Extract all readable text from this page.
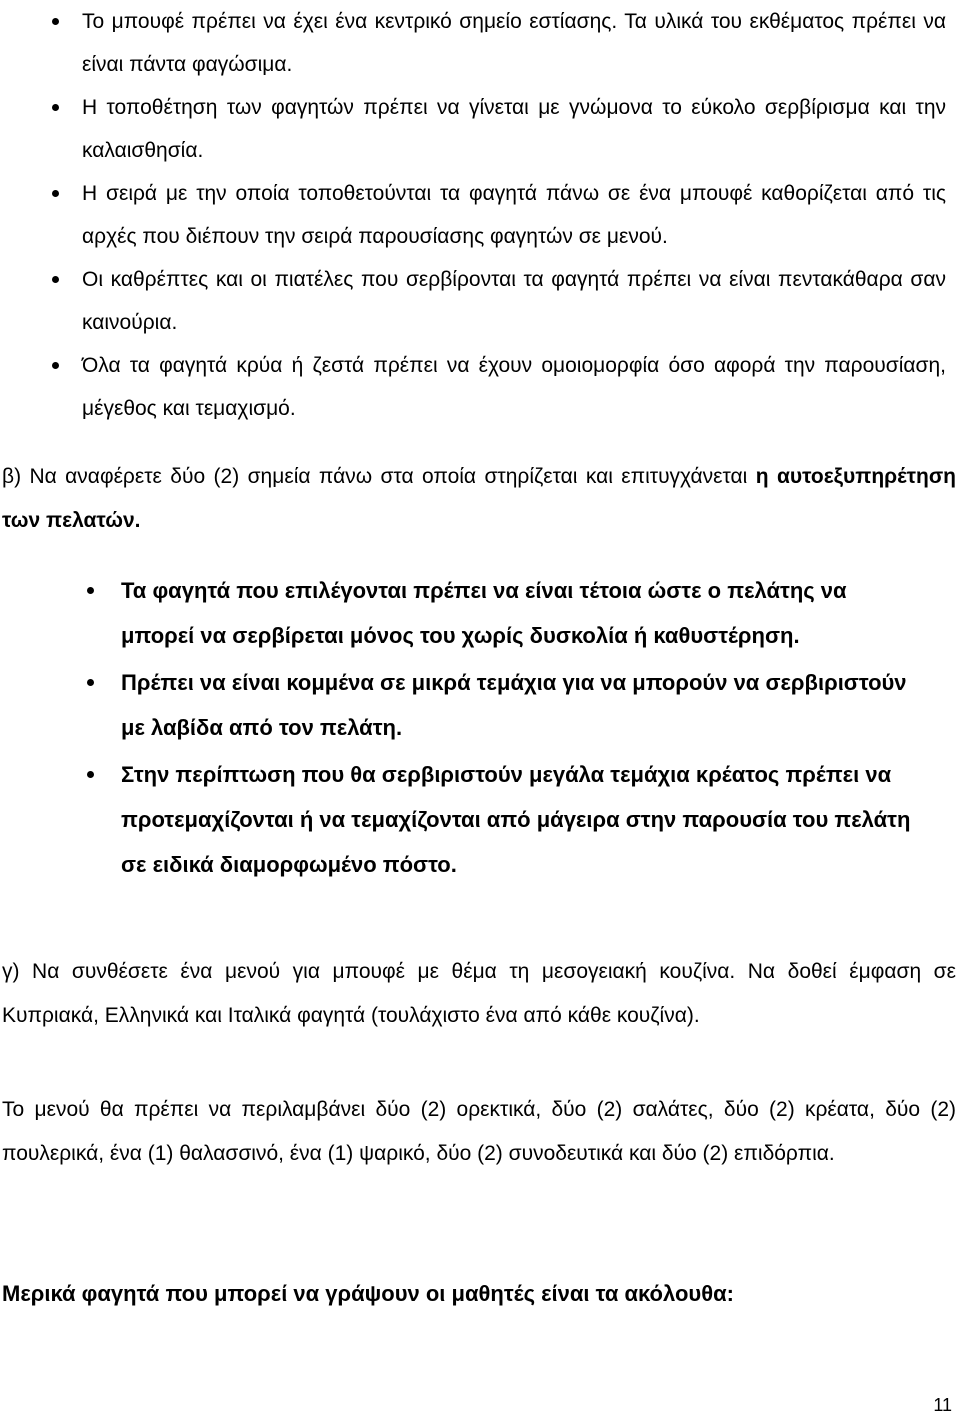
Το μπουφέ πρέπει να έχει ένα κεντρικό σημείο εστίασης. Τα υλικά του εκθέματος πρέπει να είναι πάντα φαγώσιμα.
Η τοποθέτηση των φαγητών πρέπει να γίνεται με γνώμονα το εύκολο σερβίρισμα και την καλαισθησία.
Η σειρά με την οποία τοποθετούνται τα φαγητά πάνω σε ένα μπουφέ καθορίζεται από τις αρχές που διέπουν την σειρά παρουσίασης φαγητών σε μενού.
Οι καθρέπτες και οι πιατέλες που σερβίρονται τα φαγητά πρέπει να είναι πεντακάθαρα σαν καινούρια.
Όλα τα φαγητά κρύα ή ζεστά πρέπει να έχουν ομοιομορφία όσο αφορά την παρουσίαση, μέγεθος και τεμαχισμό.

β) Να αναφέρετε δύο (2) σημεία πάνω στα οποία στηρίζεται και επιτυγχάνεται η αυτοεξυπηρέτηση των πελατών.

Τα φαγητά που επιλέγονται πρέπει να είναι τέτοια ώστε ο πελάτης να μπορεί να σερβίρεται μόνος του χωρίς δυσκολία ή καθυστέρηση.
Πρέπει να είναι κομμένα σε μικρά τεμάχια για να μπορούν να σερβιριστούν με λαβίδα από τον πελάτη.
Στην περίπτωση που θα σερβιριστούν μεγάλα τεμάχια κρέατος πρέπει να προτεμαχίζονται ή να τεμαχίζονται από μάγειρα στην παρουσία του πελάτη σε ειδικά διαμορφωμένο πόστο.

γ) Να συνθέσετε ένα μενού για μπουφέ με θέμα τη μεσογειακή κουζίνα. Να δοθεί έμφαση σε Κυπριακά, Ελληνικά και Ιταλικά φαγητά (τουλάχιστο ένα από κάθε κουζίνα).

Το μενού θα πρέπει να περιλαμβάνει δύο (2) ορεκτικά, δύο (2) σαλάτες, δύο (2) κρέατα, δύο (2) πουλερικά, ένα (1) θαλασσινό, ένα (1) ψαρικό, δύο (2) συνοδευτικά και δύο (2) επιδόρπια.

Μερικά φαγητά που μπορεί να γράψουν οι μαθητές είναι τα ακόλουθα:
11
